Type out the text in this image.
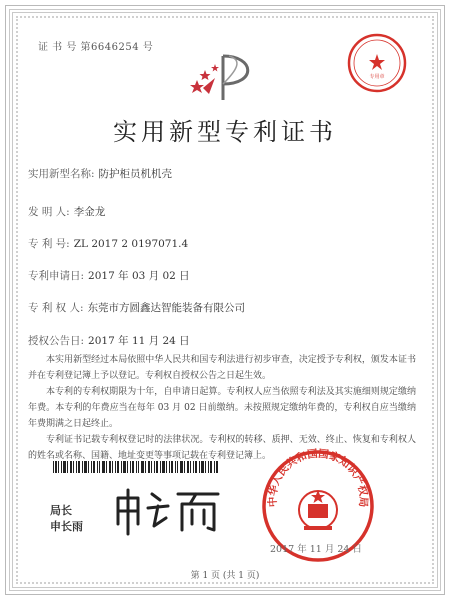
证 书 号 第6646254 号
专用章
实用新型专利证书
实用新型名称: 防护柜员机机壳
发 明 人: 李金龙
专 利 号: ZL 2017 2 0197071.4
专利申请日: 2017 年 03 月 02 日
专 利 权 人: 东莞市方圆鑫达智能装备有限公司
授权公告日: 2017 年 11 月 24 日

本实用新型经过本局依照中华人民共和国专利法进行初步审查，决定授予专利权，颁发本证书并在专利登记簿上予以登记。专利权自授权公告之日起生效。

本专利的专利权期限为十年，自申请日起算。专利权人应当依照专利法及其实施细则规定缴纳年费。本专利的年费应当在每年 03 月 02 日前缴纳。未按照规定缴纳年费的，专利权自应当缴纳年费期满之日起终止。

专利证书记载专利权登记时的法律状况。专利权的转移、质押、无效、终止、恢复和专利权人的姓名或名称、国籍、地址变更等事项记载在专利登记簿上。

局长
申长雨
中华人民共和国国家知识产权局
2017 年 11 月 24 日
第 1 页 (共 1 页)
